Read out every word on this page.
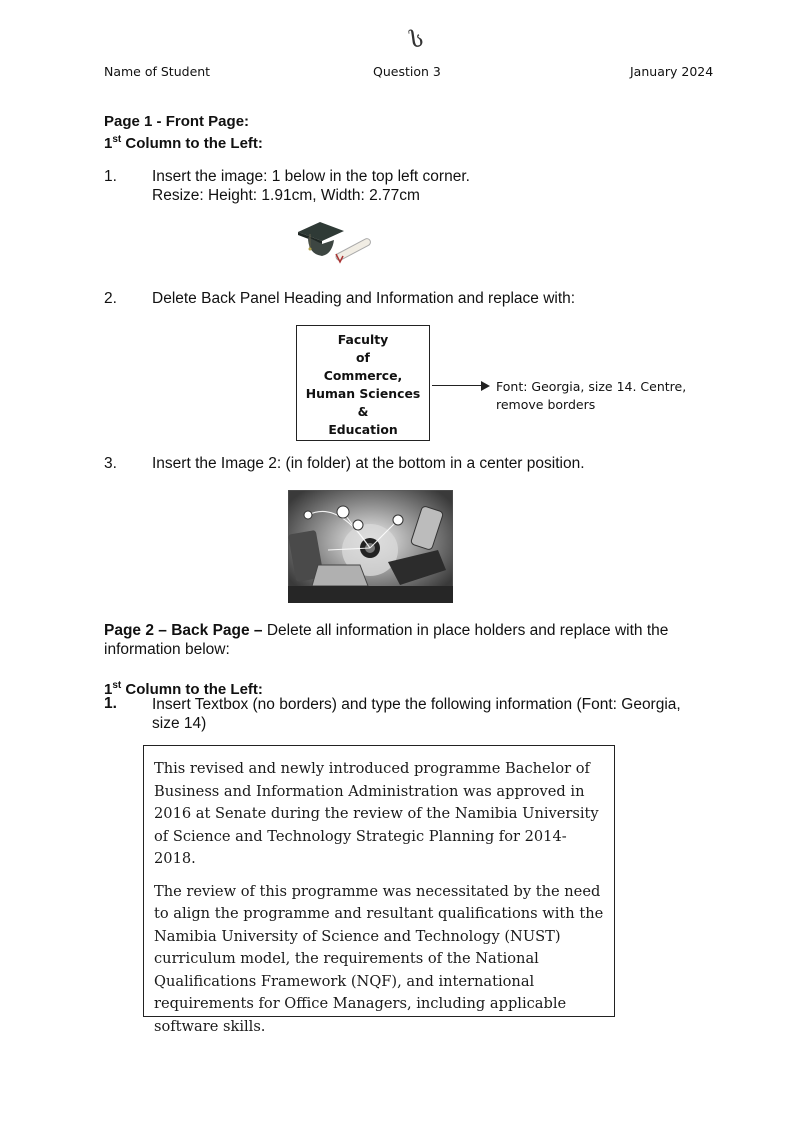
ს
Name of Student	Question 3	January 2024
Page 1 - Front Page:
1st Column to the Left:
1. Insert the image: 1 below in the top left corner.
Resize: Height: 1.91cm, Width: 2.77cm
2. Delete Back Panel Heading and Information and replace with:
Faculty
of
Commerce,
Human Sciences
&
Education
Font: Georgia, size 14. Centre,
remove borders
3. Insert the Image 2: (in folder) at the bottom in a center position.
Page 2 – Back Page – Delete all information in place holders and replace with the
information below:
1st Column to the Left:
1. Insert Textbox (no borders) and type the following information (Font: Georgia,
size 14)

This revised and newly introduced programme Bachelor of Business and Information Administration was approved in 2016 at Senate during the review of the Namibia University of Science and Technology Strategic Planning for 2014-2018.

The review of this programme was necessitated by the need to align the programme and resultant qualifications with the Namibia University of Science and Technology (NUST) curriculum model, the requirements of the National Qualifications Framework (NQF), and international requirements for Office Managers, including applicable software skills.
